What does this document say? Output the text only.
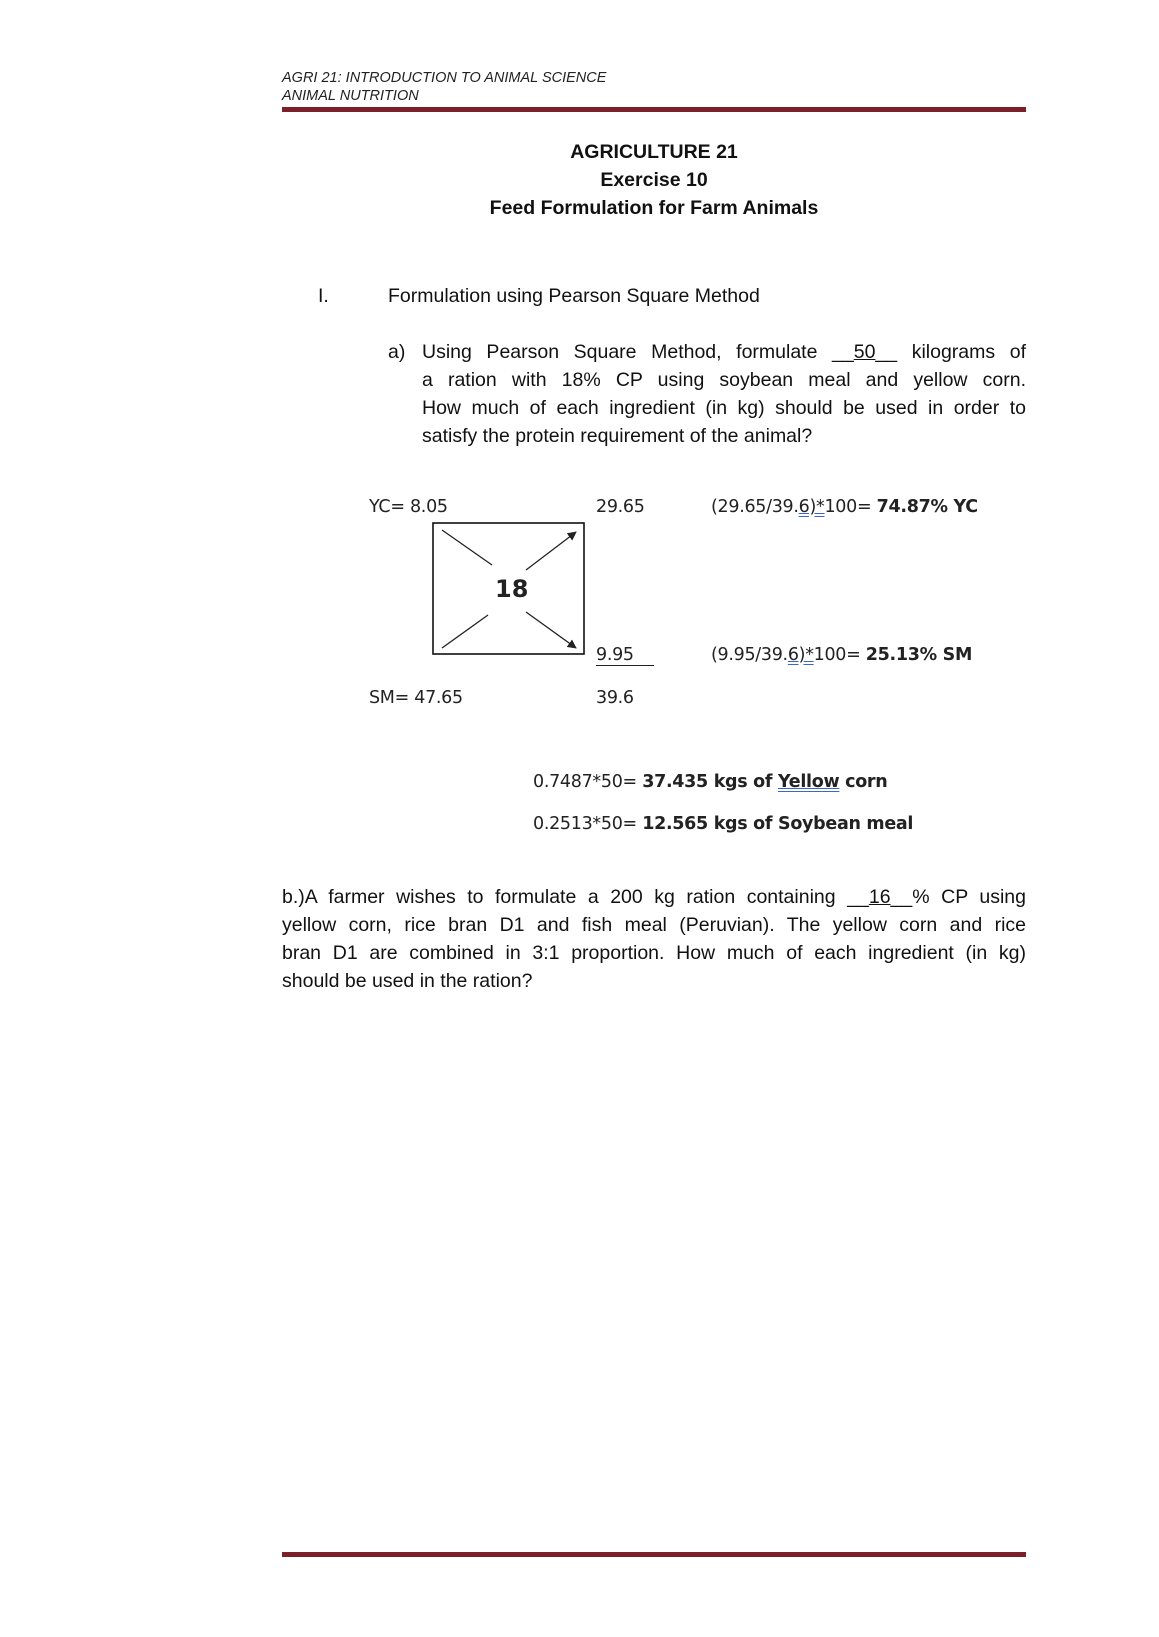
AGRI 21: INTRODUCTION TO ANIMAL SCIENCE
ANIMAL NUTRITION
AGRICULTURE 21
Exercise 10
Feed Formulation for Farm Animals
I.	Formulation using Pearson Square Method
a) Using Pearson Square Method, formulate __50__ kilograms of
a ration with 18% CP using soybean meal and yellow corn.
How much of each ingredient (in kg) should be used in order to
satisfy the protein requirement of the animal?
YC= 8.05	29.65	(29.65/39.6)*100= 74.87% YC
18
9.95	(9.95/39.6)*100= 25.13% SM
SM= 47.65	39.6
0.7487*50= 37.435 kgs of Yellow corn
0.2513*50= 12.565 kgs of Soybean meal
b.)A farmer wishes to formulate a 200 kg ration containing __16__% CP using
yellow corn, rice bran D1 and fish meal (Peruvian). The yellow corn and rice
bran D1 are combined in 3:1 proportion. How much of each ingredient (in kg)
should be used in the ration?
